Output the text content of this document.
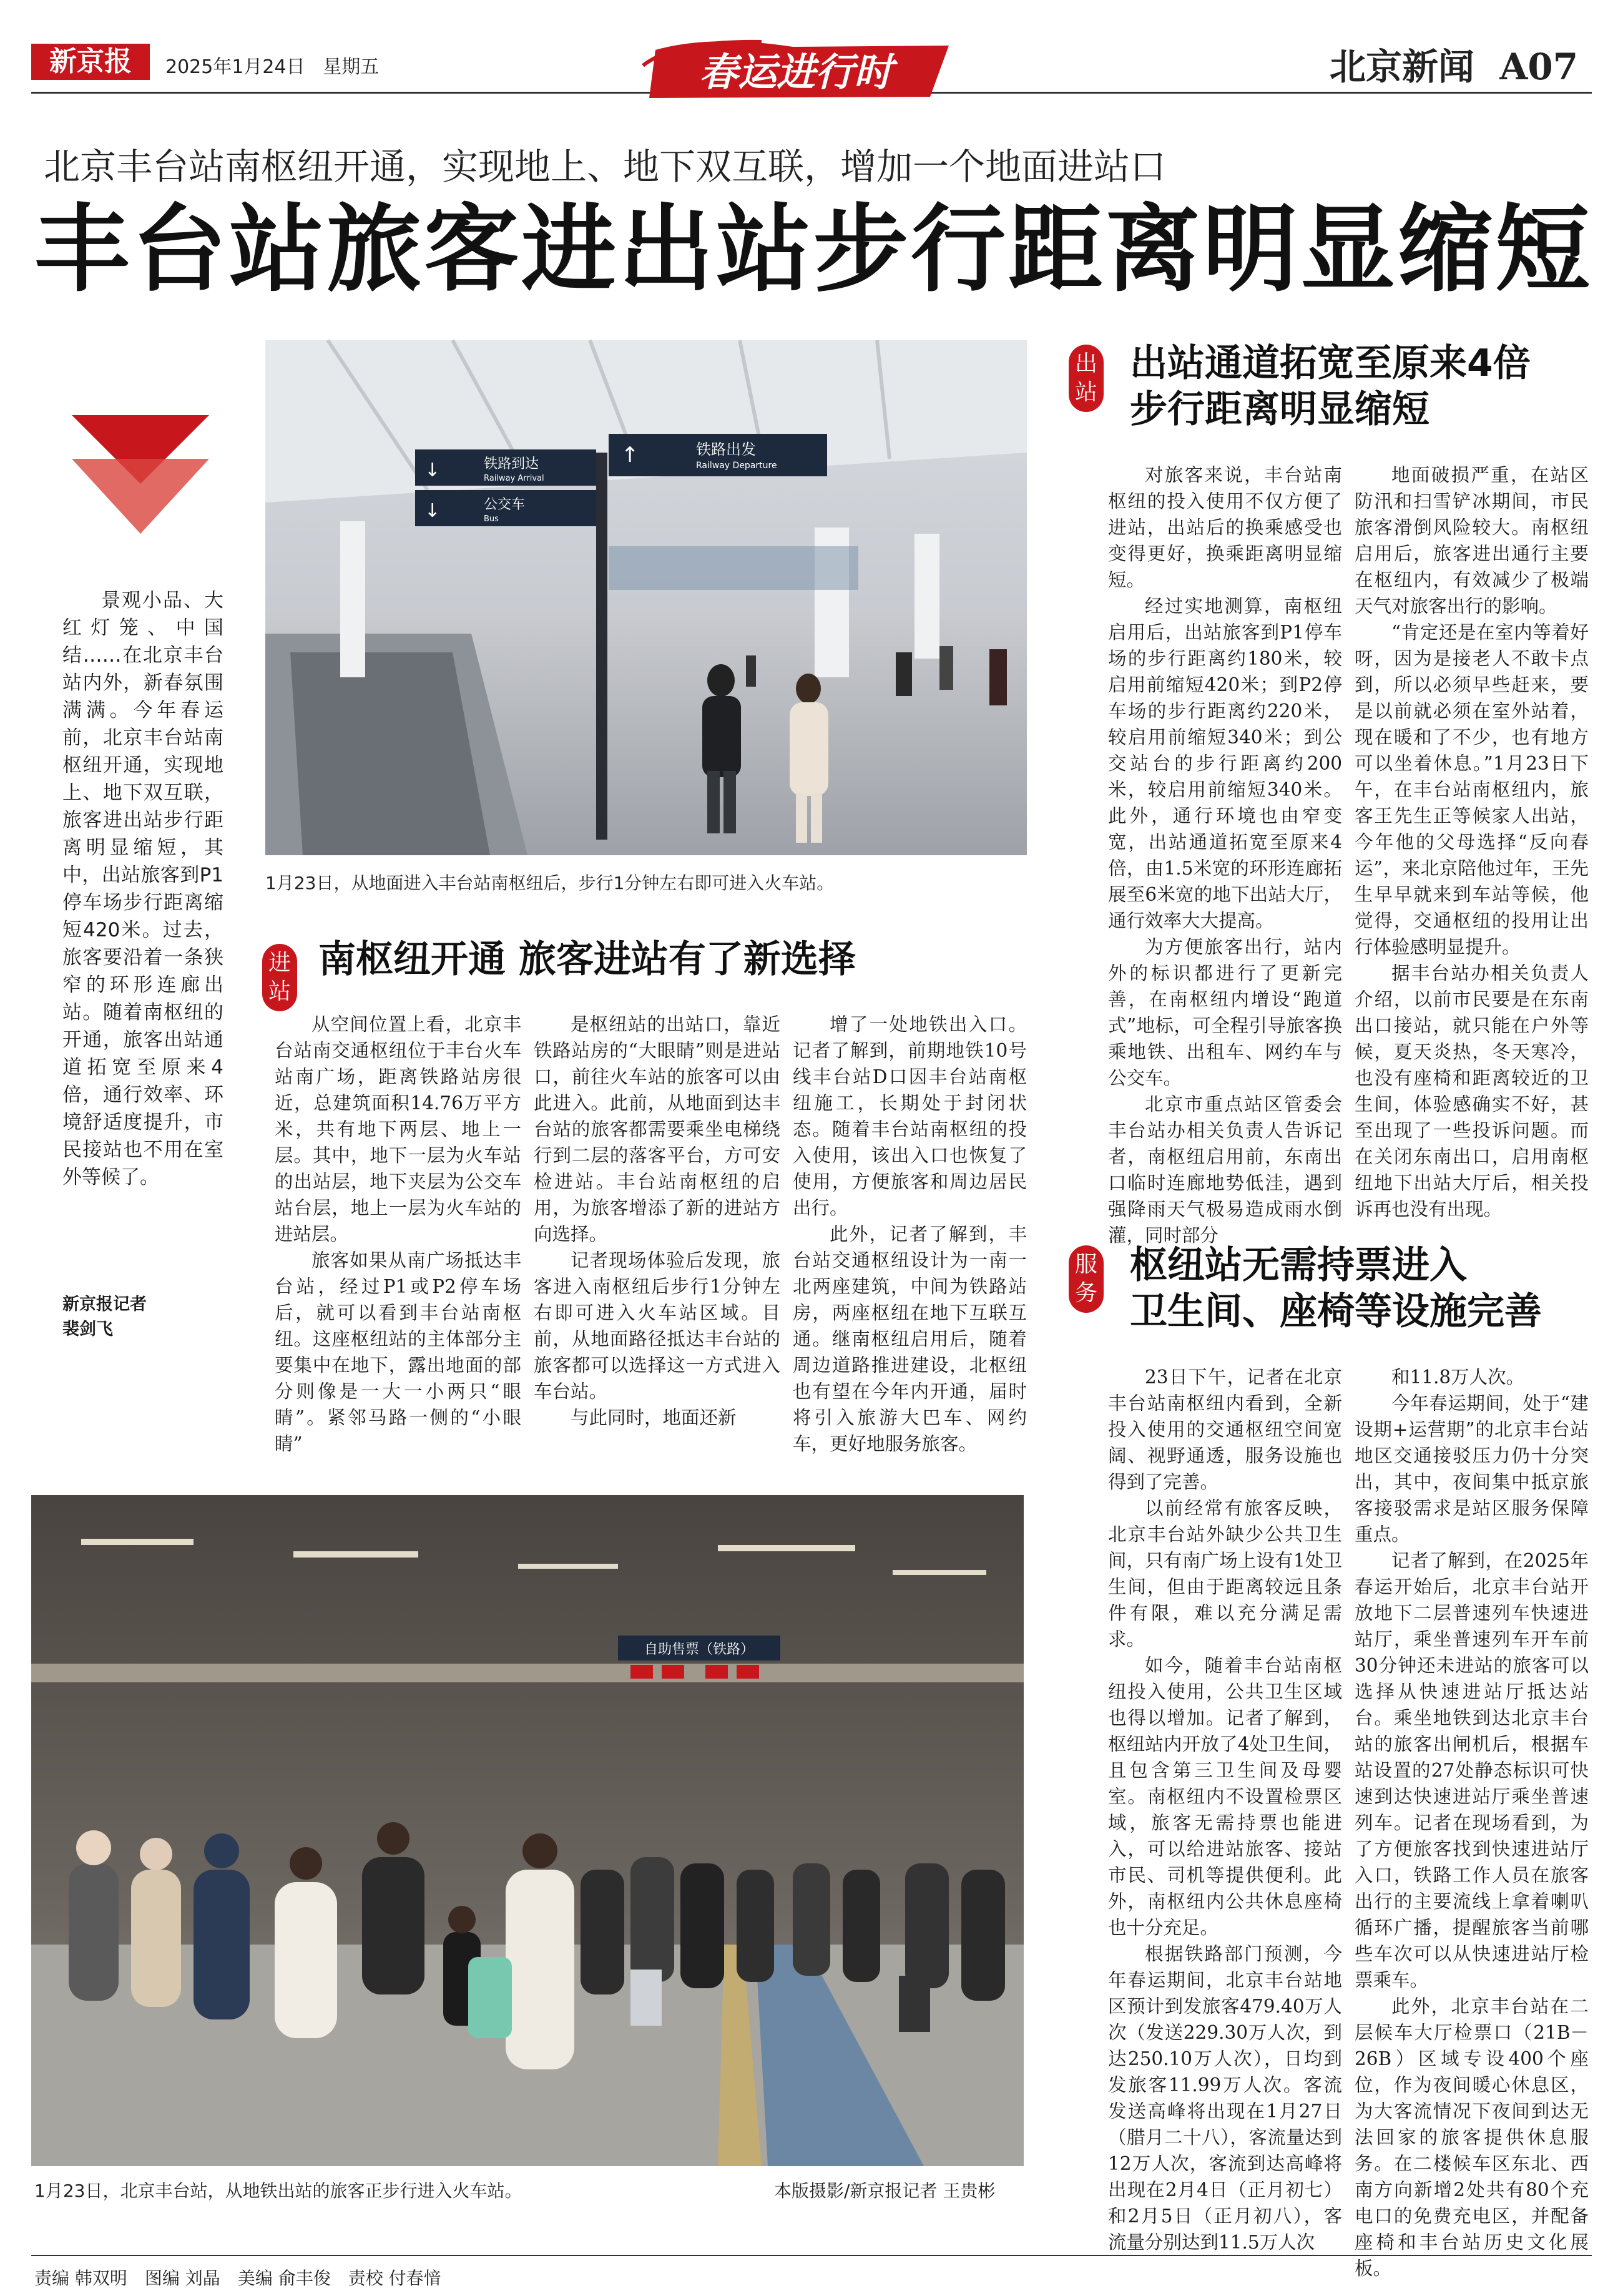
新京报	2025年1月24日 星期五	春运进行时	北京新闻 A07
北京丰台站南枢纽开通，实现地上、地下双互联，增加一个地面进站口
丰台站旅客进出站步行距离明显缩短
铁路到达
Railway Arrival
↓
公交车
Bus
↓
↑	铁路出发
Railway Departure
1月23日，从地面进入丰台站南枢纽后，步行1分钟左右即可进入火车站。

景观小品、大红灯笼、中国结……在北京丰台站内外，新春氛围满满。今年春运前，北京丰台站南枢纽开通，实现地上、地下双互联，旅客进出站步行距离明显缩短，其中，出站旅客到P1停车场步行距离缩短420米。过去，旅客要沿着一条狭窄的环形连廊出站。随着南枢纽的开通，旅客出站通道拓宽至原来4倍，通行效率、环境舒适度提升，市民接站也不用在室外等候了。

新京报记者
裴剑飞
进站
南枢纽开通 旅客进站有了新选择

从空间位置上看，北京丰台站南交通枢纽位于丰台火车站南广场，距离铁路站房很近，总建筑面积14.76万平方米，共有地下两层、地上一层。其中，地下一层为火车站的出站层，地下夹层为公交车站台层，地上一层为火车站的进站层。

旅客如果从南广场抵达丰台站，经过P1或P2停车场后，就可以看到丰台站南枢纽。这座枢纽站的主体部分主要集中在地下，露出地面的部分则像是一大一小两只“眼睛”。紧邻马路一侧的“小眼睛”

是枢纽站的出站口，靠近铁路站房的“大眼睛”则是进站口，前往火车站的旅客可以由此进入。此前，从地面到达丰台站的旅客都需要乘坐电梯绕行到二层的落客平台，方可安检进站。丰台站南枢纽的启用，为旅客增添了新的进站方向选择。

记者现场体验后发现，旅客进入南枢纽后步行1分钟左右即可进入火车站区域。目前，从地面路径抵达丰台站的旅客都可以选择这一方式进入车台站。

与此同时，地面还新

增了一处地铁出入口。记者了解到，前期地铁10号线丰台站D口因丰台站南枢纽施工，长期处于封闭状态。随着丰台站南枢纽的投入使用，该出入口也恢复了使用，方便旅客和周边居民出行。

此外，记者了解到，丰台站交通枢纽设计为一南一北两座建筑，中间为铁路站房，两座枢纽在地下互联互通。继南枢纽启用后，随着周边道路推进建设，北枢纽也有望在今年内开通，届时将引入旅游大巴车、网约车，更好地服务旅客。

出站
出站通道拓宽至原来4倍
步行距离明显缩短

对旅客来说，丰台站南枢纽的投入使用不仅方便了进站，出站后的换乘感受也变得更好，换乘距离明显缩短。

经过实地测算，南枢纽启用后，出站旅客到P1停车场的步行距离约180米，较启用前缩短420米；到P2停车场的步行距离约220米，较启用前缩短340米；到公交站台的步行距离约200米，较启用前缩短340米。此外，通行环境也由窄变宽，出站通道拓宽至原来4倍，由1.5米宽的环形连廊拓展至6米宽的地下出站大厅，通行效率大大提高。

为方便旅客出行，站内外的标识都进行了更新完善，在南枢纽内增设“跑道式”地标，可全程引导旅客换乘地铁、出租车、网约车与公交车。

北京市重点站区管委会丰台站办相关负责人告诉记者，南枢纽启用前，东南出口临时连廊地势低洼，遇到强降雨天气极易造成雨水倒灌，同时部分

地面破损严重，在站区防汛和扫雪铲冰期间，市民旅客滑倒风险较大。南枢纽启用后，旅客进出通行主要在枢纽内，有效减少了极端天气对旅客出行的影响。

“肯定还是在室内等着好呀，因为是接老人不敢卡点到，所以必须早些赶来，要是以前就必须在室外站着，现在暖和了不少，也有地方可以坐着休息。”1月23日下午，在丰台站南枢纽内，旅客王先生正等候家人出站，今年他的父母选择“反向春运”，来北京陪他过年，王先生早早就来到车站等候，他觉得，交通枢纽的投用让出行体验感明显提升。

据丰台站办相关负责人介绍，以前市民要是在东南出口接站，就只能在户外等候，夏天炎热，冬天寒冷，也没有座椅和距离较近的卫生间，体验感确实不好，甚至出现了一些投诉问题。而在关闭东南出口，启用南枢纽地下出站大厅后，相关投诉再也没有出现。

服务
枢纽站无需持票进入
卫生间、座椅等设施完善

23日下午，记者在北京丰台站南枢纽内看到，全新投入使用的交通枢纽空间宽阔、视野通透，服务设施也得到了完善。

以前经常有旅客反映，北京丰台站外缺少公共卫生间，只有南广场上设有1处卫生间，但由于距离较远且条件有限，难以充分满足需求。

如今，随着丰台站南枢纽投入使用，公共卫生区域也得以增加。记者了解到，枢纽站内开放了4处卫生间，且包含第三卫生间及母婴室。南枢纽内不设置检票区域，旅客无需持票也能进入，可以给进站旅客、接站市民、司机等提供便利。此外，南枢纽内公共休息座椅也十分充足。

根据铁路部门预测，今年春运期间，北京丰台站地区预计到发旅客479.40万人次（发送229.30万人次，到达250.10万人次），日均到发旅客11.99万人次。客流发送高峰将出现在1月27日（腊月二十八），客流量达到12万人次，客流到达高峰将出现在2月4日（正月初七）和2月5日（正月初八），客流量分别达到11.5万人次

和11.8万人次。

今年春运期间，处于“建设期+运营期”的北京丰台站地区交通接驳压力仍十分突出，其中，夜间集中抵京旅客接驳需求是站区服务保障重点。

记者了解到，在2025年春运开始后，北京丰台站开放地下二层普速列车快速进站厅，乘坐普速列车开车前30分钟还未进站的旅客可以选择从快速进站厅抵达站台。乘坐地铁到达北京丰台站的旅客出闸机后，根据车站设置的27处静态标识可快速到达快速进站厅乘坐普速列车。记者在现场看到，为了方便旅客找到快速进站厅入口，铁路工作人员在旅客出行的主要流线上拿着喇叭循环广播，提醒旅客当前哪些车次可以从快速进站厅检票乘车。

此外，北京丰台站在二层候车大厅检票口（21B－26B）区域专设400个座位，作为夜间暖心休息区，为大客流情况下夜间到达无法回家的旅客提供休息服务。在二楼候车区东北、西南方向新增2处共有80个充电口的免费充电区，并配备座椅和丰台站历史文化展板。

自助售票（铁路）
1月23日，北京丰台站，从地铁出站的旅客正步行进入火车站。	本版摄影/新京报记者 王贵彬
责编 韩双明　图编 刘晶　美编 俞丰俊　责校 付春愔
